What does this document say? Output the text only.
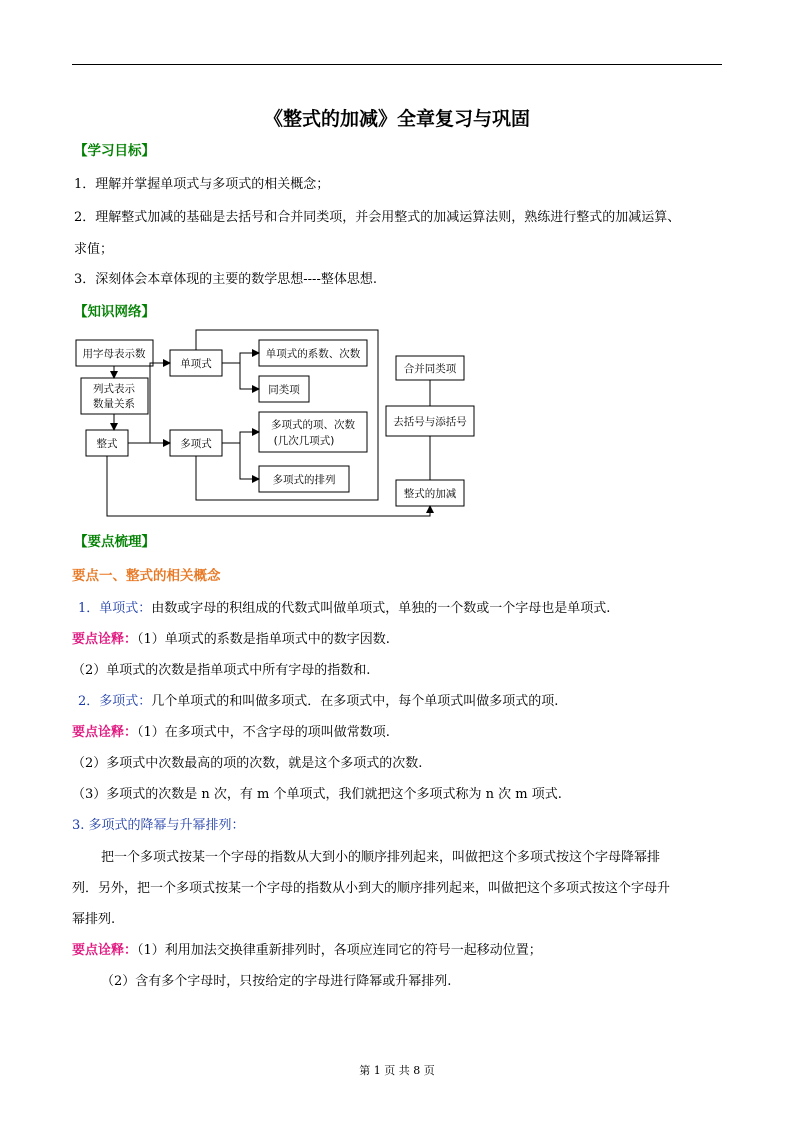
《整式的加减》全章复习与巩固
【学习目标】
1．理解并掌握单项式与多项式的相关概念；
2．理解整式加减的基础是去括号和合并同类项，并会用整式的加减运算法则，熟练进行整式的加减运算、
求值；
3．深刻体会本章体现的主要的数学思想----整体思想.
【知识网络】
用字母表示数
列式表示
数量关系
整式
单项式
多项式
单项式的系数、次数
同类项
多项式的项、次数
(几次几项式)
多项式的排列
合并同类项
去括号与添括号
整式的加减
【要点梳理】
要点一、整式的相关概念
1．单项式：由数或字母的积组成的代数式叫做单项式，单独的一个数或一个字母也是单项式.
要点诠释：（1）单项式的系数是指单项式中的数字因数.
（2）单项式的次数是指单项式中所有字母的指数和.
2．多项式：几个单项式的和叫做多项式．在多项式中，每个单项式叫做多项式的项.
要点诠释：（1）在多项式中，不含字母的项叫做常数项.
（2）多项式中次数最高的项的次数，就是这个多项式的次数.
（3）多项式的次数是 n 次，有 m 个单项式，我们就把这个多项式称为 n 次 m 项式.
3. 多项式的降幂与升幂排列：
把一个多项式按某一个字母的指数从大到小的顺序排列起来，叫做把这个多项式按这个字母降幂排
列．另外，把一个多项式按某一个字母的指数从小到大的顺序排列起来，叫做把这个多项式按这个字母升
幂排列.
要点诠释：（1）利用加法交换律重新排列时，各项应连同它的符号一起移动位置；
（2）含有多个字母时，只按给定的字母进行降幂或升幂排列.
第 1 页 共 8 页
